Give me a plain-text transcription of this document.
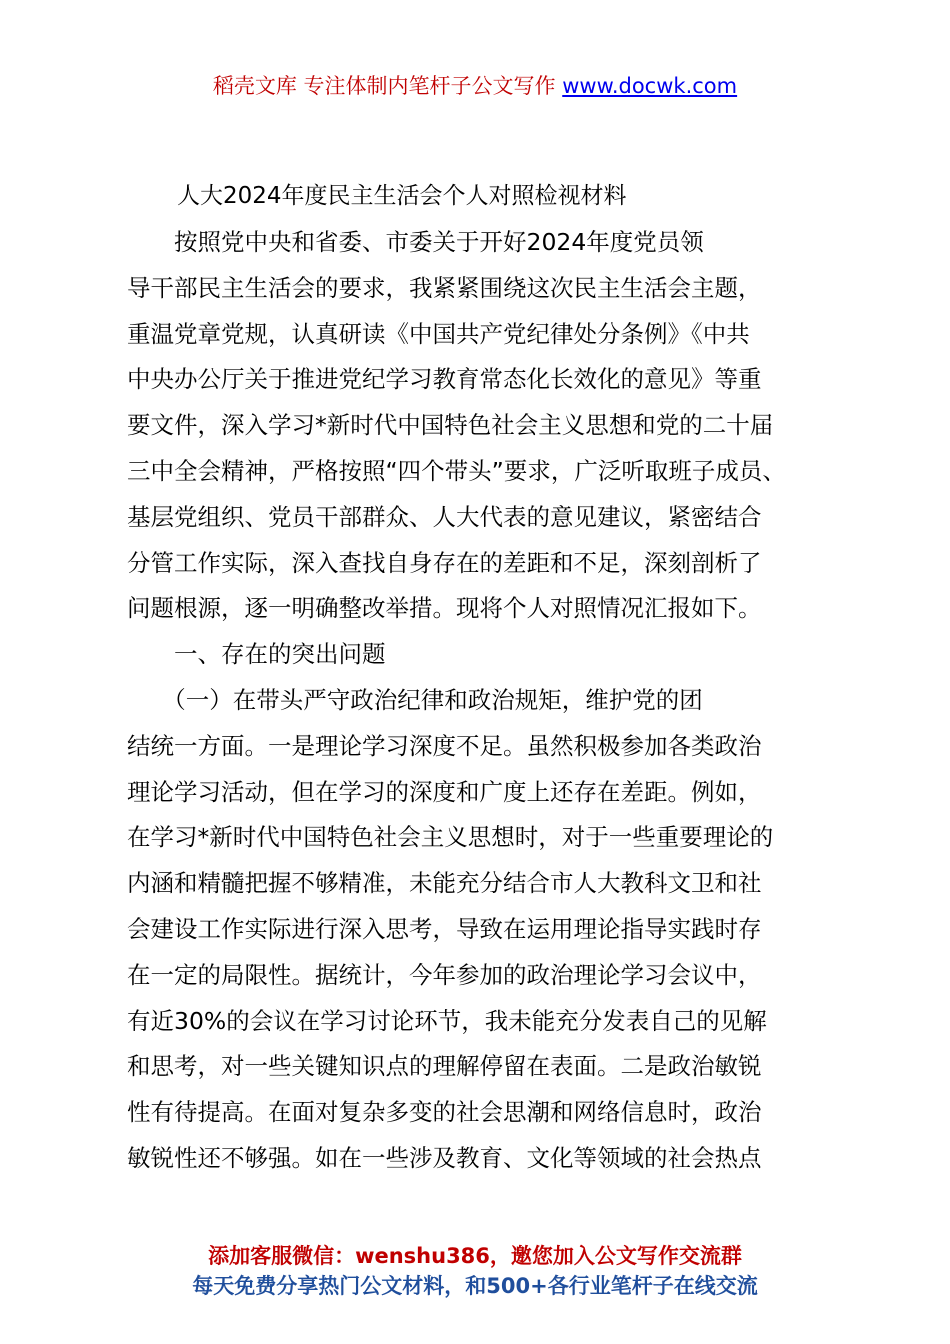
稻壳文库 专注体制内笔杆子公文写作 www.docwk.com
人大2024年度民主生活会个人对照检视材料
　　按照党中央和省委、市委关于开好2024年度党员领
导干部民主生活会的要求，我紧紧围绕这次民主生活会主题，
重温党章党规，认真研读《中国共产党纪律处分条例》《中共
中央办公厅关于推进党纪学习教育常态化长效化的意见》等重
要文件，深入学习*新时代中国特色社会主义思想和党的二十届
三中全会精神，严格按照“四个带头”要求，广泛听取班子成员、
基层党组织、党员干部群众、人大代表的意见建议，紧密结合
分管工作实际，深入查找自身存在的差距和不足，深刻剖析了
问题根源，逐一明确整改举措。现将个人对照情况汇报如下。
　　一、存在的突出问题
　　（一）在带头严守政治纪律和政治规矩，维护党的团
结统一方面。一是理论学习深度不足。虽然积极参加各类政治
理论学习活动，但在学习的深度和广度上还存在差距。例如，
在学习*新时代中国特色社会主义思想时，对于一些重要理论的
内涵和精髓把握不够精准，未能充分结合市人大教科文卫和社
会建设工作实际进行深入思考，导致在运用理论指导实践时存
在一定的局限性。据统计，今年参加的政治理论学习会议中，
有近30%的会议在学习讨论环节，我未能充分发表自己的见解
和思考，对一些关键知识点的理解停留在表面。二是政治敏锐
性有待提高。在面对复杂多变的社会思潮和网络信息时，政治
敏锐性还不够强。如在一些涉及教育、文化等领域的社会热点
添加客服微信：wenshu386，邀您加入公文写作交流群
每天免费分享热门公文材料，和500+各行业笔杆子在线交流
